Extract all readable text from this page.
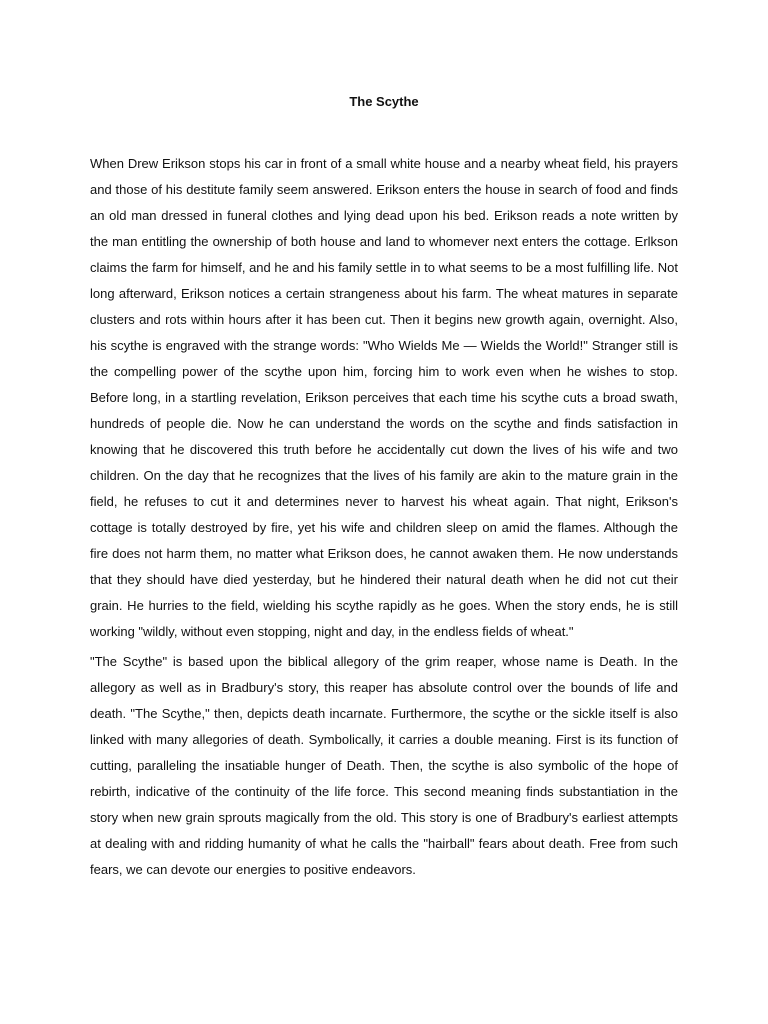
The Scythe

When Drew Erikson stops his car in front of a small white house and a nearby wheat field, his prayers and those of his destitute family seem answered. Erikson enters the house in search of food and finds an old man dressed in funeral clothes and lying dead upon his bed. Erikson reads a note written by the man entitling the ownership of both house and land to whomever next enters the cottage. Erlkson claims the farm for himself, and he and his family settle in to what seems to be a most fulfilling life. Not long afterward, Erikson notices a certain strangeness about his farm. The wheat matures in separate clusters and rots within hours after it has been cut. Then it begins new growth again, overnight. Also, his scythe is engraved with the strange words: "Who Wields Me — Wields the World!" Stranger still is the compelling power of the scythe upon him, forcing him to work even when he wishes to stop. Before long, in a startling revelation, Erikson perceives that each time his scythe cuts a broad swath, hundreds of people die. Now he can understand the words on the scythe and finds satisfaction in knowing that he discovered this truth before he accidentally cut down the lives of his wife and two children. On the day that he recognizes that the lives of his family are akin to the mature grain in the field, he refuses to cut it and determines never to harvest his wheat again. That night, Erikson's cottage is totally destroyed by fire, yet his wife and children sleep on amid the flames. Although the fire does not harm them, no matter what Erikson does, he cannot awaken them. He now understands that they should have died yesterday, but he hindered their natural death when he did not cut their grain. He hurries to the field, wielding his scythe rapidly as he goes. When the story ends, he is still working "wildly, without even stopping, night and day, in the endless fields of wheat."

"The Scythe" is based upon the biblical allegory of the grim reaper, whose name is Death. In the allegory as well as in Bradbury's story, this reaper has absolute control over the bounds of life and death. "The Scythe," then, depicts death incarnate. Furthermore, the scythe or the sickle itself is also linked with many allegories of death. Symbolically, it carries a double meaning. First is its function of cutting, paralleling the insatiable hunger of Death. Then, the scythe is also symbolic of the hope of rebirth, indicative of the continuity of the life force. This second meaning finds substantiation in the story when new grain sprouts magically from the old. This story is one of Bradbury's earliest attempts at dealing with and ridding humanity of what he calls the "hairball" fears about death. Free from such fears, we can devote our energies to positive endeavors.
